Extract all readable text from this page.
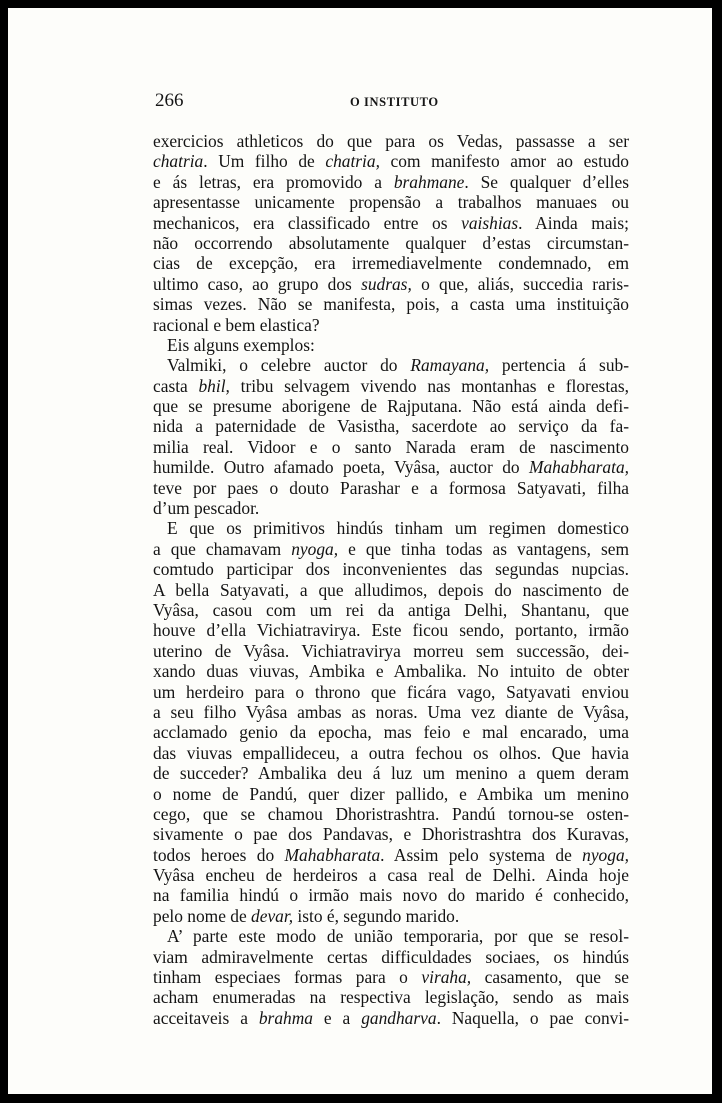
266	O INSTITUTO
exercicios athleticos do que para os Vedas, passasse a ser
chatria. Um filho de chatria, com manifesto amor ao estudo
e ás letras, era promovido a brahmane. Se qualquer d’elles
apresentasse unicamente propensão a trabalhos manuaes ou
mechanicos, era classificado entre os vaishias. Ainda mais;
não occorrendo absolutamente qualquer d’estas circumstan-
cias de excepção, era irremediavelmente condemnado, em
ultimo caso, ao grupo dos sudras, o que, aliás, succedia raris-
simas vezes. Não se manifesta, pois, a casta uma instituição
racional e bem elastica?
Eis alguns exemplos:
Valmiki, o celebre auctor do Ramayana, pertencia á sub-
casta bhil, tribu selvagem vivendo nas montanhas e florestas,
que se presume aborigene de Rajputana. Não está ainda defi-
nida a paternidade de Vasistha, sacerdote ao serviço da fa-
milia real. Vidoor e o santo Narada eram de nascimento
humilde. Outro afamado poeta, Vyâsa, auctor do Mahabharata,
teve por paes o douto Parashar e a formosa Satyavati, filha
d’um pescador.
E que os primitivos hindús tinham um regimen domestico
a que chamavam nyoga, e que tinha todas as vantagens, sem
comtudo participar dos inconvenientes das segundas nupcias.
A bella Satyavati, a que alludimos, depois do nascimento de
Vyâsa, casou com um rei da antiga Delhi, Shantanu, que
houve d’ella Vichiatravirya. Este ficou sendo, portanto, irmão
uterino de Vyâsa. Vichiatravirya morreu sem successão, dei-
xando duas viuvas, Ambika e Ambalika. No intuito de obter
um herdeiro para o throno que ficára vago, Satyavati enviou
a seu filho Vyâsa ambas as noras. Uma vez diante de Vyâsa,
acclamado genio da epocha, mas feio e mal encarado, uma
das viuvas empallideceu, a outra fechou os olhos. Que havia
de succeder? Ambalika deu á luz um menino a quem deram
o nome de Pandú, quer dizer pallido, e Ambika um menino
cego, que se chamou Dhoristrashtra. Pandú tornou-se osten-
sivamente o pae dos Pandavas, e Dhoristrashtra dos Kuravas,
todos heroes do Mahabharata. Assim pelo systema de nyoga,
Vyâsa encheu de herdeiros a casa real de Delhi. Ainda hoje
na familia hindú o irmão mais novo do marido é conhecido,
pelo nome de devar, isto é, segundo marido.
A’ parte este modo de união temporaria, por que se resol-
viam admiravelmente certas difficuldades sociaes, os hindús
tinham especiaes formas para o viraha, casamento, que se
acham enumeradas na respectiva legislação, sendo as mais
acceitaveis a brahma e a gandharva. Naquella, o pae convi-
